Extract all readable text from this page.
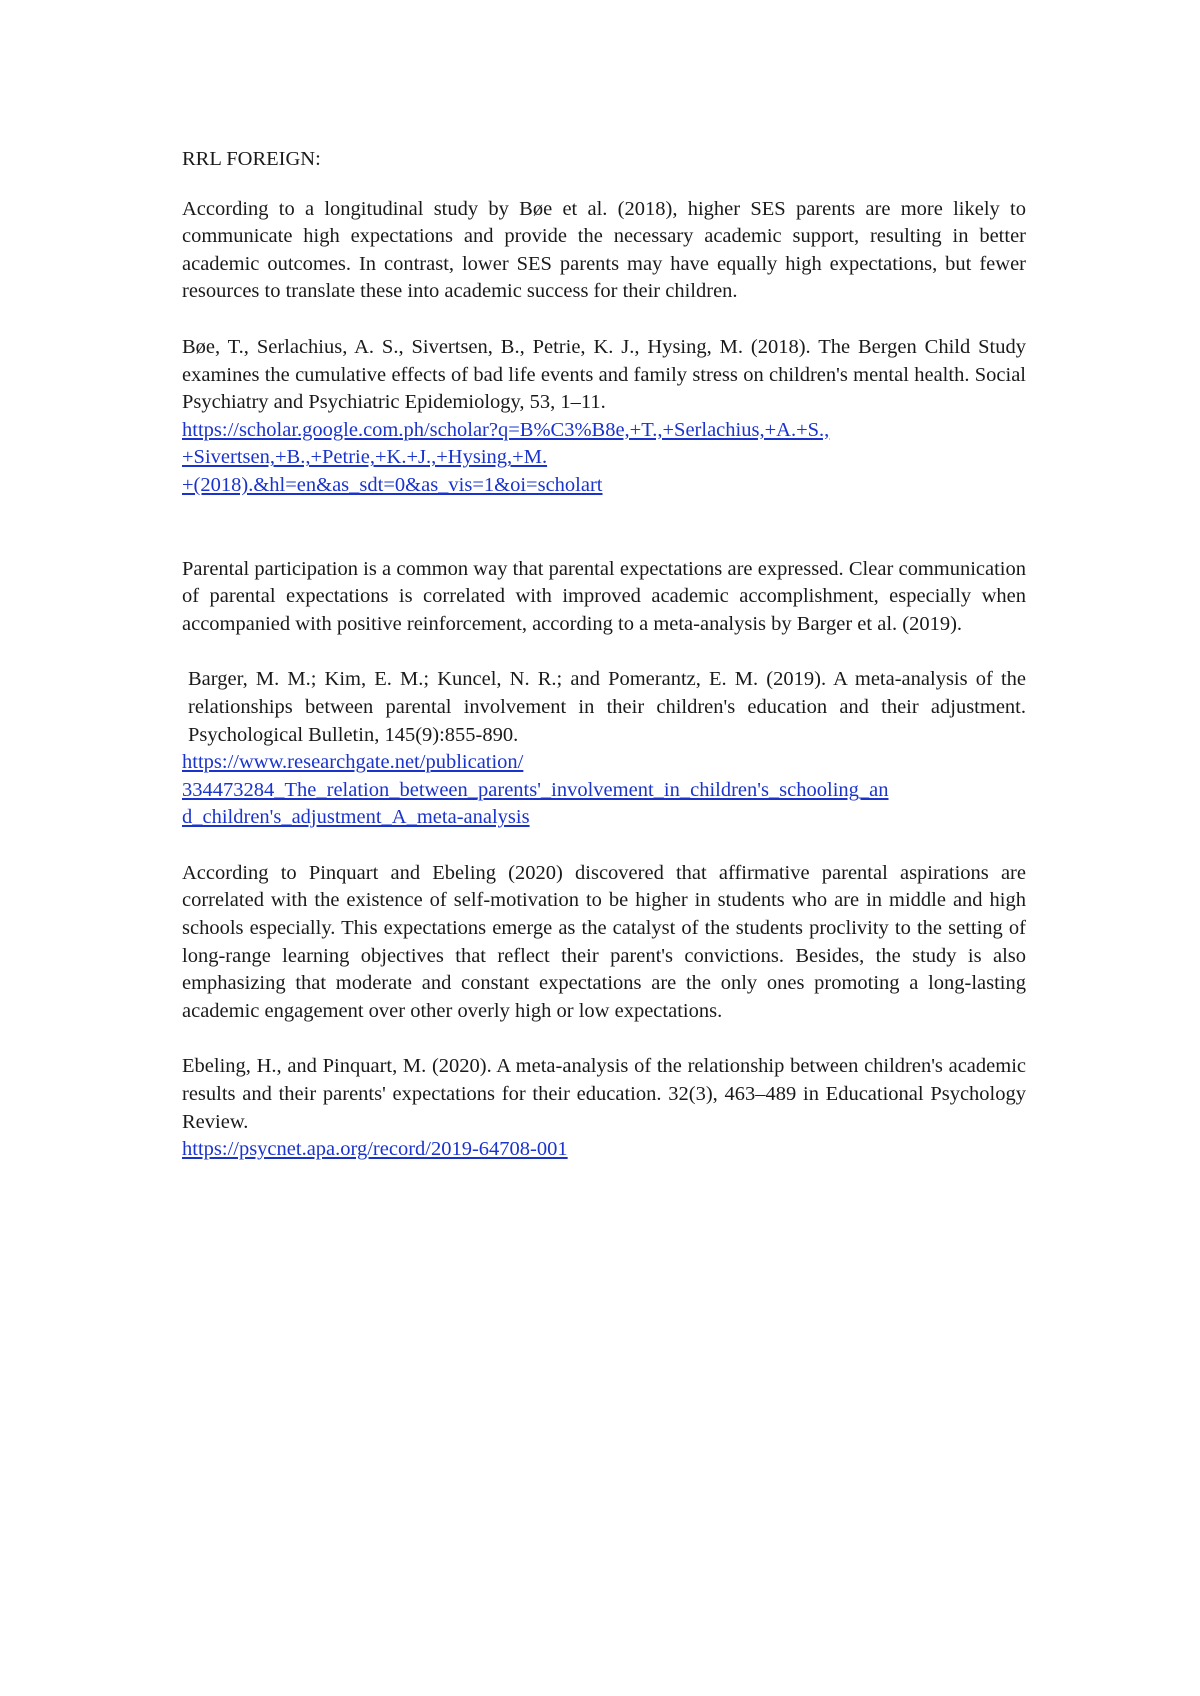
RRL FOREIGN:

According to a longitudinal study by Bøe et al. (2018), higher SES parents are more likely to communicate high expectations and provide the necessary academic support, resulting in better academic outcomes. In contrast, lower SES parents may have equally high expectations, but fewer resources to translate these into academic success for their children.

Bøe, T., Serlachius, A. S., Sivertsen, B., Petrie, K. J., Hysing, M. (2018). The Bergen Child Study examines the cumulative effects of bad life events and family stress on children's mental health. Social Psychiatry and Psychiatric Epidemiology, 53, 1–11.

https://scholar.google.com.ph/scholar?q=B%C3%B8e,+T.,+Serlachius,+A.+S.,
+Sivertsen,+B.,+Petrie,+K.+J.,+Hysing,+M.
+(2018).&hl=en&as_sdt=0&as_vis=1&oi=scholart

Parental participation is a common way that parental expectations are expressed. Clear communication of parental expectations is correlated with improved academic accomplishment, especially when accompanied with positive reinforcement, according to a meta-analysis by Barger et al. (2019).

Barger, M. M.; Kim, E. M.; Kuncel, N. R.; and Pomerantz, E. M. (2019). A meta-analysis of the relationships between parental involvement in their children's education and their adjustment. Psychological Bulletin, 145(9):855-890.

https://www.researchgate.net/publication/
334473284_The_relation_between_parents'_involvement_in_children's_schooling_an
d_children's_adjustment_A_meta-analysis

According to Pinquart and Ebeling (2020) discovered that affirmative parental aspirations are correlated with the existence of self-motivation to be higher in students who are in middle and high schools especially. This expectations emerge as the catalyst of the students proclivity to the setting of long-range learning objectives that reflect their parent's convictions. Besides, the study is also emphasizing that moderate and constant expectations are the only ones promoting a long-lasting academic engagement over other overly high or low expectations.

Ebeling, H., and Pinquart, M. (2020). A meta-analysis of the relationship between children's academic results and their parents' expectations for their education. 32(3), 463–489 in Educational Psychology Review.

https://psycnet.apa.org/record/2019-64708-001
